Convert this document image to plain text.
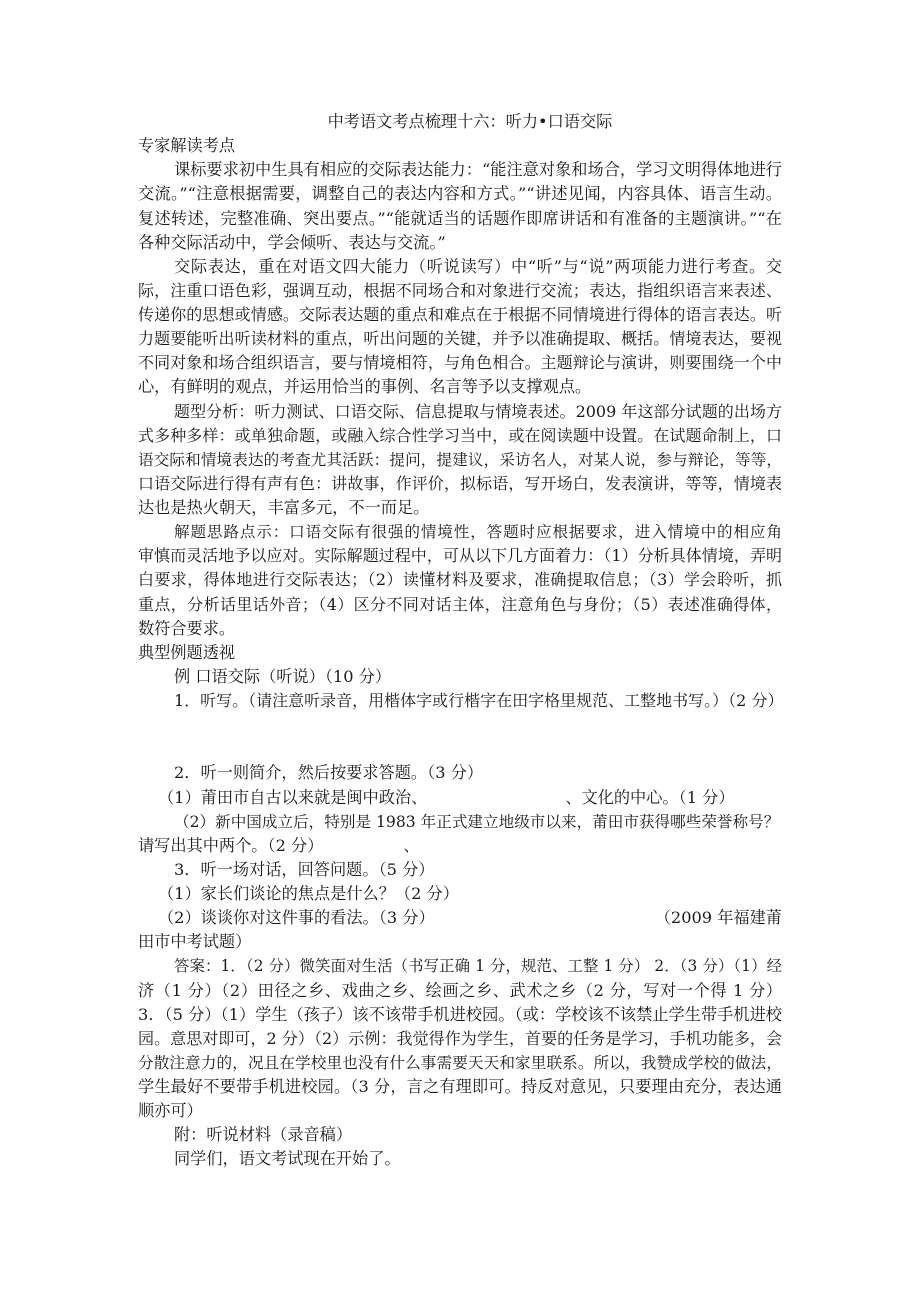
中考语文考点梳理十六：听力•口语交际
专家解读考点
课标要求初中生具有相应的交际表达能力：“能注意对象和场合，学习文明得体地进行
交流。”“注意根据需要，调整自己的表达内容和方式。”“讲述见闻，内容具体、语言生动。
复述转述，完整准确、突出要点。”“能就适当的话题作即席讲话和有准备的主题演讲。”“在
各种交际活动中，学会倾听、表达与交流。”
交际表达，重在对语文四大能力（听说读写）中“听”与“说”两项能力进行考查。交
际，注重口语色彩，强调互动，根据不同场合和对象进行交流；表达，指组织语言来表述、
传递你的思想或情感。交际表达题的重点和难点在于根据不同情境进行得体的语言表达。听
力题要能听出听读材料的重点，听出问题的关键，并予以准确提取、概括。情境表达，要视
不同对象和场合组织语言，要与情境相符，与角色相合。主题辩论与演讲，则要围绕一个中
心，有鲜明的观点，并运用恰当的事例、名言等予以支撑观点。
题型分析：听力测试、口语交际、信息提取与情境表述。2009 年这部分试题的出场方
式多种多样：或单独命题，或融入综合性学习当中，或在阅读题中设置。在试题命制上，口
语交际和情境表达的考查尤其活跃：提问，提建议，采访名人，对某人说，参与辩论，等等，
口语交际进行得有声有色：讲故事，作评价，拟标语，写开场白，发表演讲，等等，情境表
达也是热火朝天，丰富多元，不一而足。
解题思路点示：口语交际有很强的情境性，答题时应根据要求，进入情境中的相应角
审慎而灵活地予以应对。实际解题过程中，可从以下几方面着力：（1）分析具体情境，弄明
白要求，得体地进行交际表达；（2）读懂材料及要求，准确提取信息；（3）学会聆听，抓
重点，分析话里话外音；（4）区分不同对话主体，注意角色与身份；（5）表述准确得体，
数符合要求。
典型例题透视
例 口语交际（听说）（10 分）
1．听写。（请注意听录音，用楷体字或行楷字在田字格里规范、工整地书写。）（2 分）
2．听一则简介，然后按要求答题。（3 分）
（1）莆田市自古以来就是闽中政治、	、文化的中心。（1 分）
（2）新中国成立后，特别是 1983 年正式建立地级市以来，莆田市获得哪些荣誉称号？
请写出其中两个。（2 分）	、
3．听一场对话，回答问题。（5 分）
（1）家长们谈论的焦点是什么？（2 分）
（2）谈谈你对这件事的看法。（3 分）	（2009 年福建莆
田市中考试题）
答案：1．（2 分）微笑面对生活（书写正确 1 分，规范、工整 1 分） 2．（3 分）（1）经
济（1 分）（2）田径之乡、戏曲之乡、绘画之乡、武术之乡（2 分，写对一个得 1 分）
3．（5 分）（1）学生（孩子）该不该带手机进校园。（或：学校该不该禁止学生带手机进校
园。意思对即可，2 分）（2）示例：我觉得作为学生，首要的任务是学习，手机功能多，会
分散注意力的，况且在学校里也没有什么事需要天天和家里联系。所以，我赞成学校的做法，
学生最好不要带手机进校园。（3 分，言之有理即可。持反对意见，只要理由充分，表达通
顺亦可）
附：听说材料（录音稿）
同学们，语文考试现在开始了。
